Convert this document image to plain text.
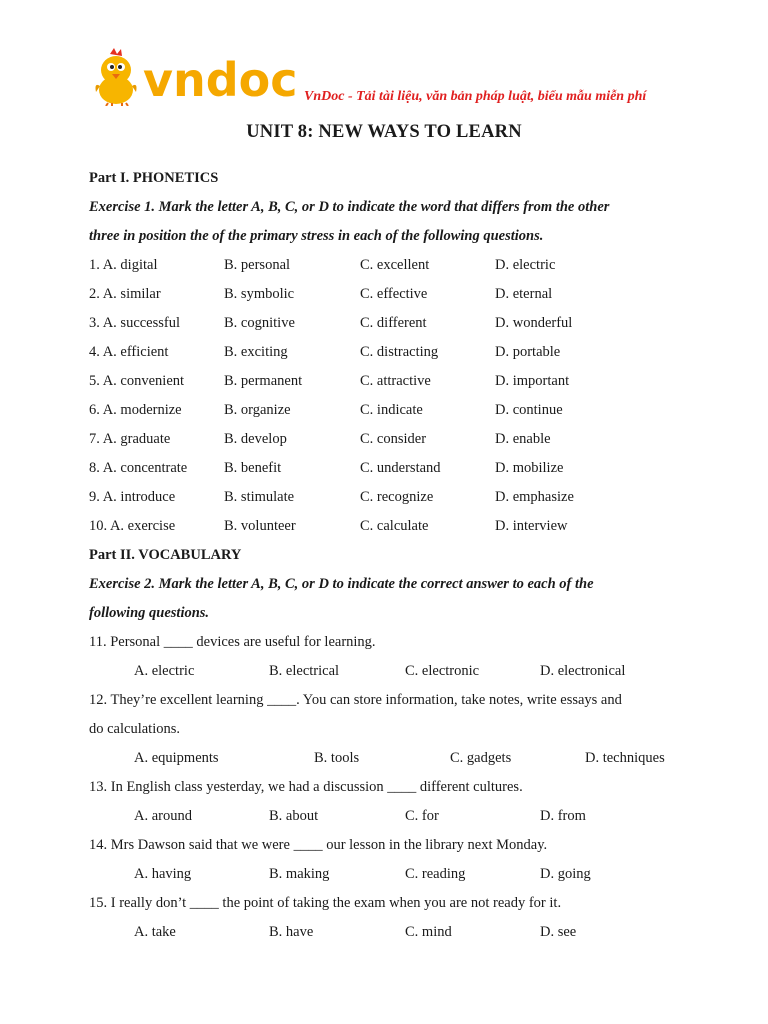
vndoc VnDoc - Tải tài liệu, văn bản pháp luật, biểu mẫu miễn phí
UNIT 8: NEW WAYS TO LEARN
Part I. PHONETICS
Exercise 1. Mark the letter A, B, C, or D to indicate the word that differs from the other
three in position the of the primary stress in each of the following questions.
1. A. digital	B. personal	C. excellent	D. electric
2. A. similar	B. symbolic	C. effective	D. eternal
3. A. successful	B. cognitive	C. different	D. wonderful
4. A. efficient	B. exciting	C. distracting	D. portable
5. A. convenient	B. permanent	C. attractive	D. important
6. A. modernize	B. organize	C. indicate	D. continue
7. A. graduate	B. develop	C. consider	D. enable
8. A. concentrate	B. benefit	C. understand	D. mobilize
9. A. introduce	B. stimulate	C. recognize	D. emphasize
10. A. exercise	B. volunteer	C. calculate	D. interview
Part II. VOCABULARY
Exercise 2. Mark the letter A, B, C, or D to indicate the correct answer to each of the
following questions.
11. Personal ____ devices are useful for learning.
A. electric	B. electrical	C. electronic	D. electronical
12. They’re excellent learning ____. You can store information, take notes, write essays and
do calculations.
A. equipments	B. tools	C. gadgets	D. techniques
13. In English class yesterday, we had a discussion ____ different cultures.
A. around	B. about	C. for	D. from
14. Mrs Dawson said that we were ____ our lesson in the library next Monday.
A. having	B. making	C. reading	D. going
15. I really don’t ____ the point of taking the exam when you are not ready for it.
A. take	B. have	C. mind	D. see
